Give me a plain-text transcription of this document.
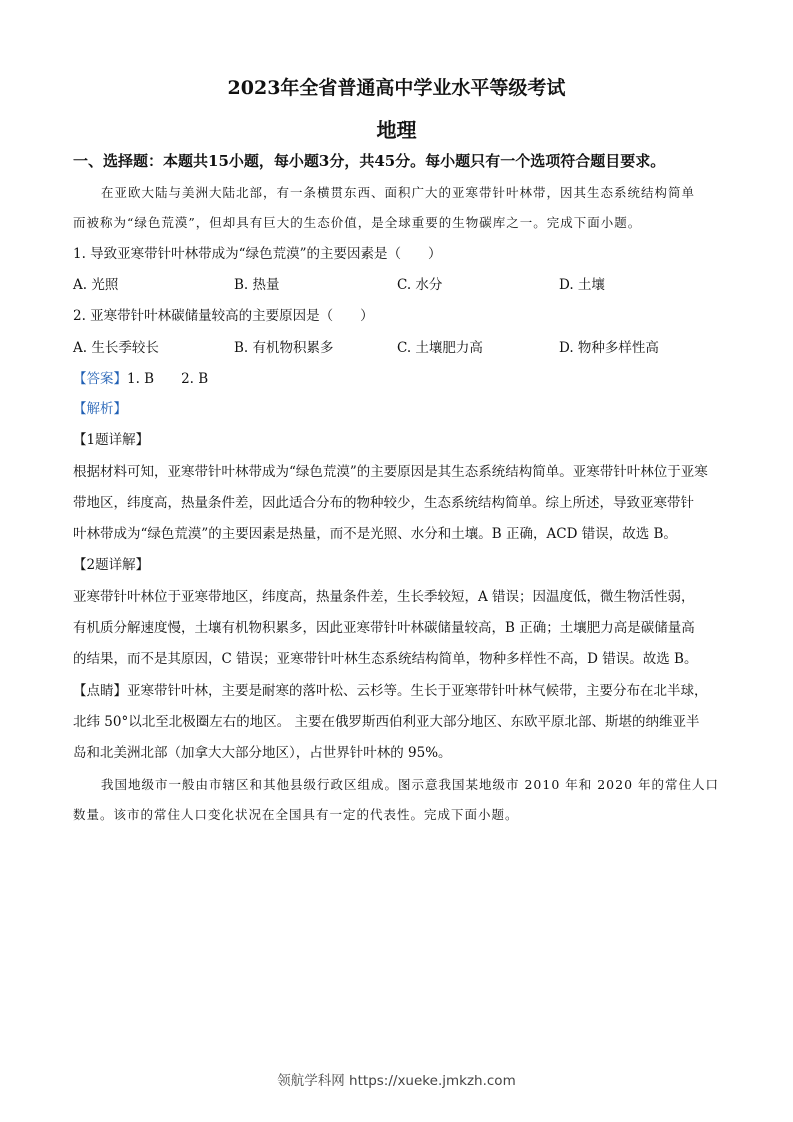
2023年全省普通高中学业水平等级考试
地理
一、选择题：本题共15小题，每小题3分，共45分。每小题只有一个选项符合题目要求。
在亚欧大陆与美洲大陆北部，有一条横贯东西、面积广大的亚寒带针叶林带，因其生态系统结构简单
而被称为“绿色荒漠”，但却具有巨大的生态价值，是全球重要的生物碳库之一。完成下面小题。
1. 导致亚寒带针叶林带成为“绿色荒漠”的主要因素是（　　）
A. 光照	B. 热量	C. 水分	D. 土壤
2. 亚寒带针叶林碳储量较高的主要原因是（　　）
A. 生长季较长	B. 有机物积累多	C. 土壤肥力高	D. 物种多样性高
【答案】1. B　　2. B
【解析】
【1题详解】
根据材料可知，亚寒带针叶林带成为“绿色荒漠”的主要原因是其生态系统结构简单。亚寒带针叶林位于亚寒
带地区，纬度高，热量条件差，因此适合分布的物种较少，生态系统结构简单。综上所述，导致亚寒带针
叶林带成为“绿色荒漠”的主要因素是热量，而不是光照、水分和土壤。B 正确，ACD 错误，故选 B。
【2题详解】
亚寒带针叶林位于亚寒带地区，纬度高，热量条件差，生长季较短，A 错误；因温度低，微生物活性弱，
有机质分解速度慢，土壤有机物积累多，因此亚寒带针叶林碳储量较高，B 正确；土壤肥力高是碳储量高
的结果，而不是其原因，C 错误；亚寒带针叶林生态系统结构简单，物种多样性不高，D 错误。故选 B。
【点睛】亚寒带针叶林，主要是耐寒的落叶松、云杉等。生长于亚寒带针叶林气候带，主要分布在北半球，
北纬 50°以北至北极圈左右的地区。 主要在俄罗斯西伯利亚大部分地区、东欧平原北部、斯堪的纳维亚半
岛和北美洲北部（加拿大大部分地区），占世界针叶林的 95%。
我国地级市一般由市辖区和其他县级行政区组成。图示意我国某地级市 2010 年和 2020 年的常住人口
数量。该市的常住人口变化状况在全国具有一定的代表性。完成下面小题。
领航学科网 https://xueke.jmkzh.com
